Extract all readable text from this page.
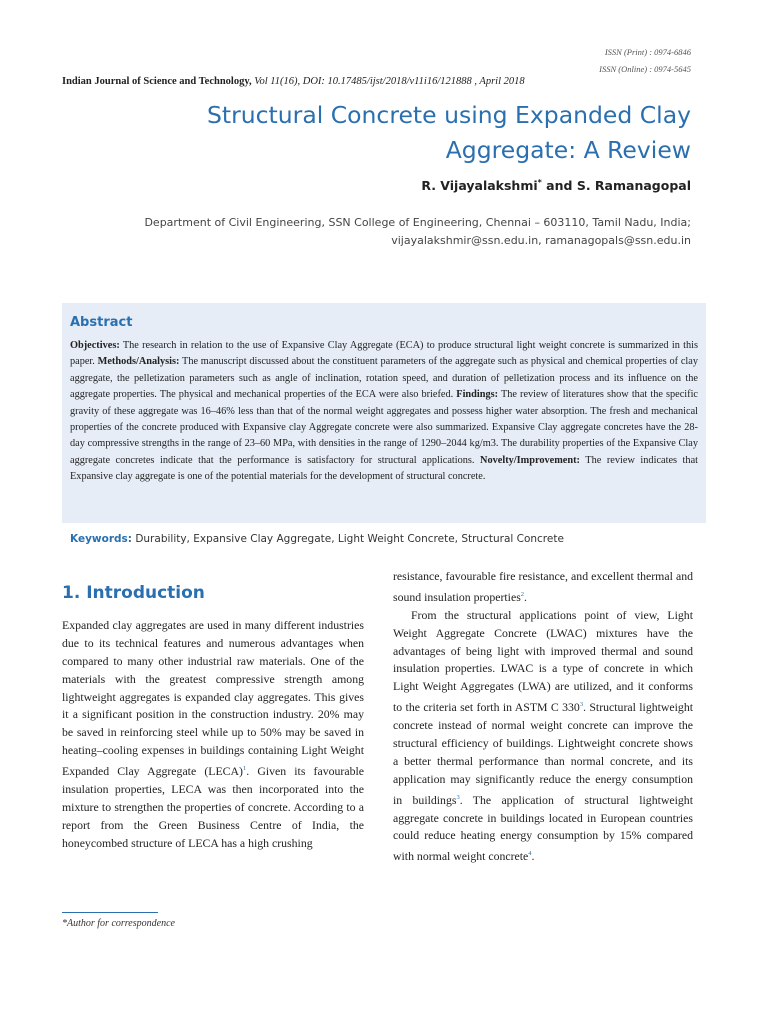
ISSN (Print) : 0974-6846
ISSN (Online) : 0974-5645
Indian Journal of Science and Technology, Vol 11(16), DOI: 10.17485/ijst/2018/v11i16/121888 , April 2018
Structural Concrete using Expanded Clay
Aggregate: A Review
R. Vijayalakshmi* and S. Ramanagopal
Department of Civil Engineering, SSN College of Engineering, Chennai – 603110, Tamil Nadu, India;
vijayalakshmir@ssn.edu.in, ramanagopals@ssn.edu.in
Abstract
Objectives: The research in relation to the use of Expansive Clay Aggregate (ECA) to produce structural light weight concrete is summarized in this paper. Methods/Analysis: The manuscript discussed about the constituent parameters of the aggregate such as physical and chemical properties of clay aggregate, the pelletization parameters such as angle of inclination, rotation speed, and duration of pelletization process and its influence on the aggregate properties. The physical and mechanical properties of the ECA were also briefed. Findings: The review of literatures show that the specific gravity of these aggregate was 16–46% less than that of the normal weight aggregates and possess higher water absorption. The fresh and mechanical properties of the concrete produced with Expansive clay Aggregate concrete were also summarized. Expansive Clay aggregate concretes have the 28-day compressive strengths in the range of 23–60 MPa, with densities in the range of 1290–2044 kg/m3. The durability properties of the Expansive Clay aggregate concretes indicate that the performance is satisfactory for structural applications. Novelty/Improvement: The review indicates that Expansive clay aggregate is one of the potential materials for the development of structural concrete.
Keywords: Durability, Expansive Clay Aggregate, Light Weight Concrete, Structural Concrete
1. Introduction

Expanded clay aggregates are used in many different industries due to its technical features and numerous advantages when compared to many other industrial raw materials. One of the materials with the greatest compressive strength among lightweight aggregates is expanded clay aggregates. This gives it a significant position in the construction industry. 20% may be saved in reinforcing steel while up to 50% may be saved in heating–cooling expenses in buildings containing Light Weight Expanded Clay Aggregate (LECA)$^1$. Given its favourable insulation properties, LECA was then incorporated into the mixture to strengthen the properties of concrete. According to a report from the Green Business Centre of India, the honeycombed structure of LECA has a high crushing

resistance, favourable fire resistance, and excellent thermal and sound insulation properties$^2$.

From the structural applications point of view, Light Weight Aggregate Concrete (LWAC) mixtures have the advantages of being light with improved thermal and sound insulation properties. LWAC is a type of concrete in which Light Weight Aggregates (LWA) are utilized, and it conforms to the criteria set forth in ASTM C 330$^3$. Structural lightweight concrete instead of normal weight concrete can improve the structural efficiency of buildings. Lightweight concrete shows a better thermal performance than normal concrete, and its application may significantly reduce the energy consumption in buildings$^3$. The application of structural lightweight aggregate concrete in buildings located in European countries could reduce heating energy consumption by 15% compared with normal weight concrete$^4$.

*Author for correspondence
